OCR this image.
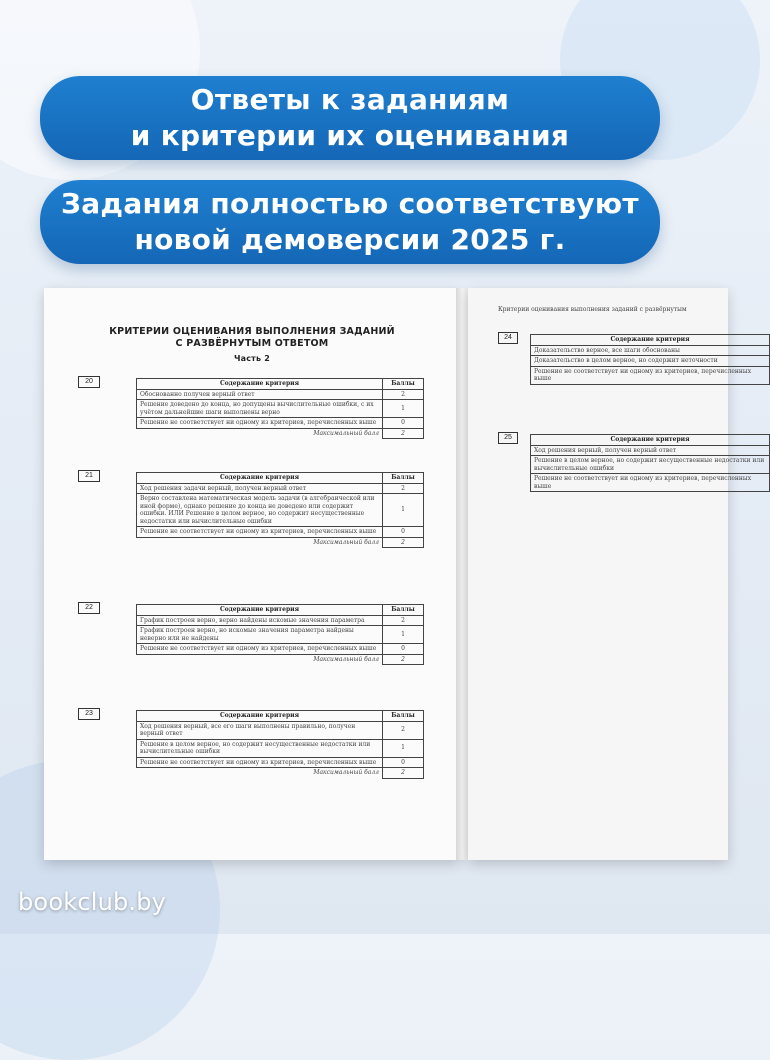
Ответы к заданиям
и критерии их оценивания
Задания полностью соответствуют
новой демоверсии 2025 г.
КРИТЕРИИ ОЦЕНИВАНИЯ ВЫПОЛНЕНИЯ ЗАДАНИЙ
С РАЗВЁРНУТЫМ ОТВЕТОМ
Часть 2
20	Содержание критерия	Баллы
Обоснованно получен верный ответ	2
Решение доведено до конца, но допущены вычислительные ошибки, с их учётом дальнейшие шаги выполнены верно	1
Решение не соответствует ни одному из критериев, перечисленных выше	0
Максимальный балл	2
21	Содержание критерия	Баллы
Ход решения задачи верный, получен верный ответ	2
Верно составлена математическая модель задачи (в алгебраической или иной форме), однако решение до конца не доведено или содержит ошибки. ИЛИ Решение в целом верное, но содержит несущественные недостатки или вычислительные ошибки	1
Решение не соответствует ни одному из критериев, перечисленных выше	0
Максимальный балл	2
22	Содержание критерия	Баллы
График построен верно, верно найдены искомые значения параметра	2
График построен верно, но искомые значения параметра найдены неверно или не найдены	1
Решение не соответствует ни одному из критериев, перечисленных выше	0
Максимальный балл	2
23	Содержание критерия	Баллы
Ход решения верный, все его шаги выполнены правильно, получен верный ответ	2
Решение в целом верное, но содержит несущественные недостатки или вычислительные ошибки	1
Решение не соответствует ни одному из критериев, перечисленных выше	0
Максимальный балл	2
Критерии оценивания выполнения заданий с развёрнутым
24	Содержание критерия
Доказательство верное, все шаги обоснованы
Доказательство в целом верное, но содержит неточности
Решение не соответствует ни одному из критериев, перечисленных выше
25	Содержание критерия
Ход решения верный, получен верный ответ
Решение в целом верное, но содержит несущественные недостатки или вычислительные ошибки
Решение не соответствует ни одному из критериев, перечисленных выше
bookclub.by
